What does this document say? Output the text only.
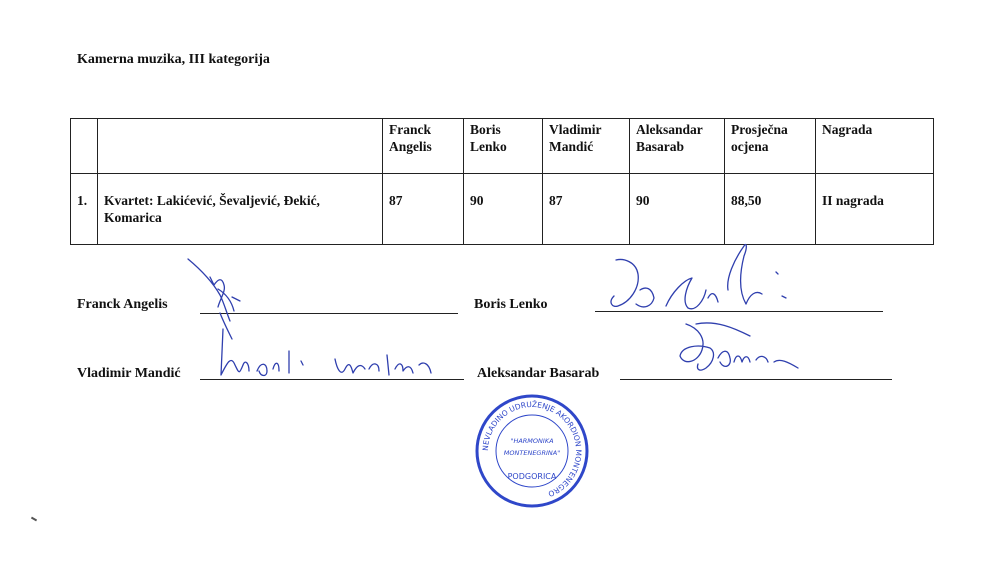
Kamerna muzika, III kategorija
		Franck Angelis	Boris Lenko	Vladimir Mandić	Aleksandar Basarab	Prosječna ocjena	Nagrada
1.	Kvartet: Lakićević, Ševaljević, Đekić, Komarica	87	90	87	90	88,50	II nagrada
Franck Angelis	Boris Lenko
Vladimir Mandić	Aleksandar Basarab
NEVLADINO UDRUŽENJE AKORDION MONTENEGRO
"HARMONIKA
MONTENEGRINA"
PODGORICA
